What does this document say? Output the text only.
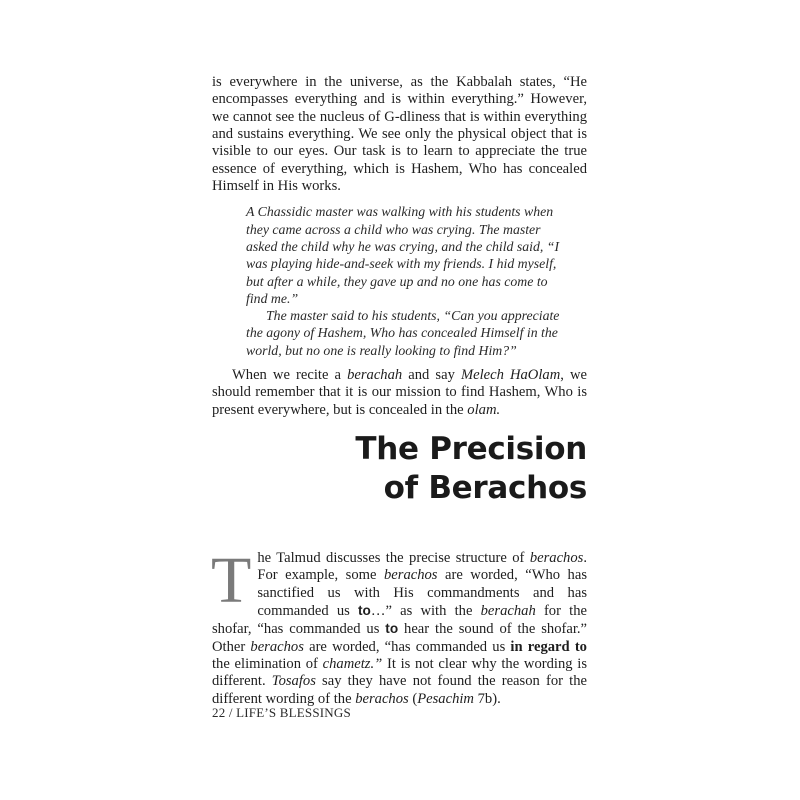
is everywhere in the universe, as the Kabbalah states, “He encompasses everything and is within everything.” However, we cannot see the nucleus of G-dliness that is within everything and sustains everything. We see only the physical object that is visible to our eyes. Our task is to learn to appreciate the true essence of everything, which is Hashem, Who has concealed Himself in His works.

A Chassidic master was walking with his students when they came across a child who was crying. The master asked the child why he was crying, and the child said, “I was playing hide-and-seek with my friends. I hid myself, but after a while, they gave up and no one has come to find me.”

The master said to his students, “Can you appreciate the agony of Hashem, Who has concealed Himself in the world, but no one is really looking to find Him?”

When we recite a berachah and say Melech HaOlam, we should remember that it is our mission to find Hashem, Who is present everywhere, but is concealed in the olam.

The Precision
of Berachos
T he Talmud discusses the precise structure of berachos. For example, some berachos are worded, “Who has sanctified us with His commandments and has commanded us to…” as with the berachah for the shofar, “has commanded us to hear the sound of the shofar.” Other berachos are worded, “has commanded us in regard to the elimination of chametz.” It is not clear why the wording is different. Tosafos say they have not found the reason for the different wording of the berachos (Pesachim 7b).

22 / LIFE’S BLESSINGS
